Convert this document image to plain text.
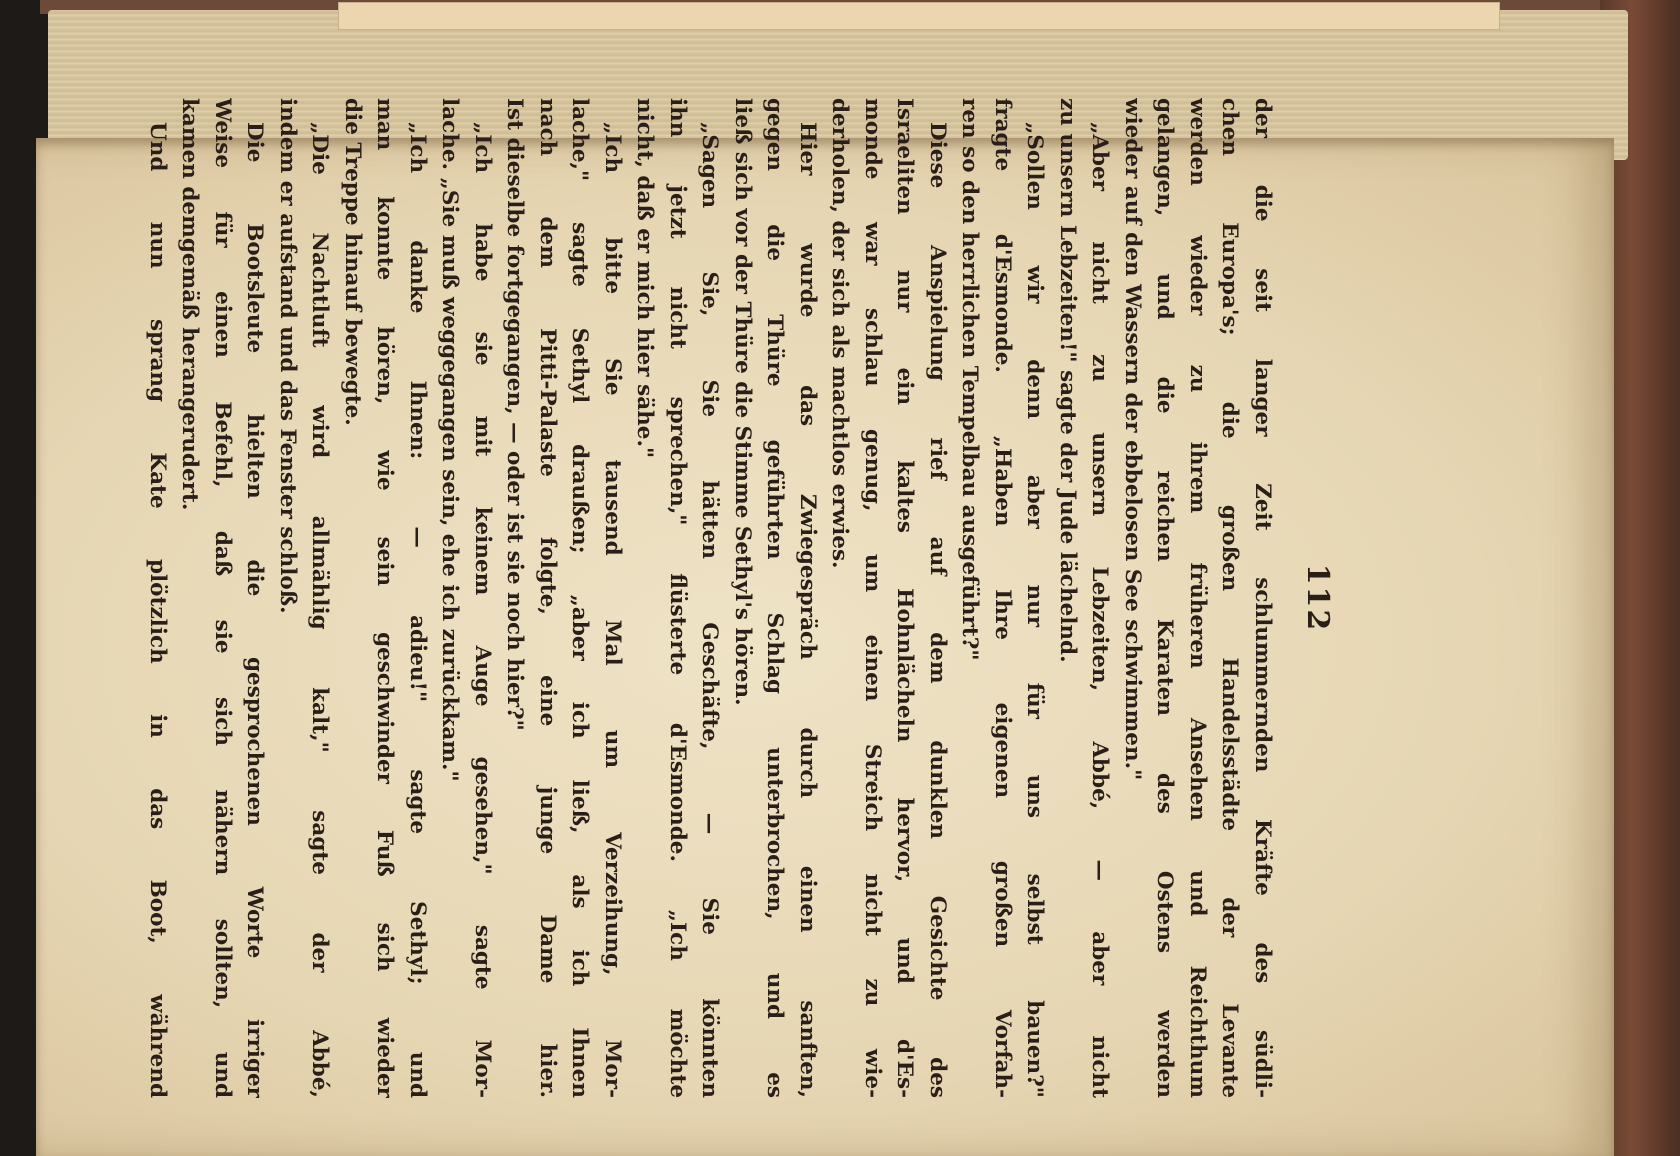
112
der die seit langer Zeit schlummernden Kräfte des südli-
chen Europa's; die großen Handelsstädte der Levante
werden wieder zu ihrem früheren Ansehen und Reichthum
gelangen, und die reichen Karaten des Ostens werden
wieder auf den Wassern der ebbelosen See schwimmen."
„Aber nicht zu unsern Lebzeiten, Abbé, — aber nicht
zu unsern Lebzeiten!" sagte der Jude lächelnd.
„Sollen wir denn aber nur für uns selbst bauen?"
fragte d'Esmonde. „Haben Ihre eigenen großen Vorfah-
ren so den herrlichen Tempelbau ausgeführt?"
Diese Anspielung rief auf dem dunklen Gesichte des
Israeliten nur ein kaltes Hohnlächeln hervor, und d'Es-
monde war schlau genug, um einen Streich nicht zu wie-
derholen, der sich als machtlos erwies.
Hier wurde das Zwiegespräch durch einen sanften,
gegen die Thüre geführten Schlag unterbrochen, und es
ließ sich vor der Thüre die Stimme Sethyl's hören.
„Sagen Sie, Sie hätten Geschäfte, — Sie könnten
ihn jetzt nicht sprechen," flüsterte d'Esmonde. „Ich möchte
nicht, daß er mich hier sähe."
„Ich bitte Sie tausend Mal um Verzeihung, Mor-
lache," sagte Sethyl draußen; „aber ich ließ, als ich Ihnen
nach dem Pitti-Palaste folgte, eine junge Dame hier.
Ist dieselbe fortgegangen, — oder ist sie noch hier?"
„Ich habe sie mit keinem Auge gesehen," sagte Mor-
lache. „Sie muß weggegangen sein, ehe ich zurückkam."
„Ich danke Ihnen: — adieu!" sagte Sethyl; und
man konnte hören, wie sein geschwinder Fuß sich wieder
die Treppe hinauf bewegte.
„Die Nachtluft wird allmählig kalt," sagte der Abbé,
indem er aufstand und das Fenster schloß.
Die Bootsleute hielten die gesprochenen Worte irriger
Weise für einen Befehl, daß sie sich nähern sollten, und
kamen demgemäß herangerudert.
Und nun sprang Kate plötzlich in das Boot, während
